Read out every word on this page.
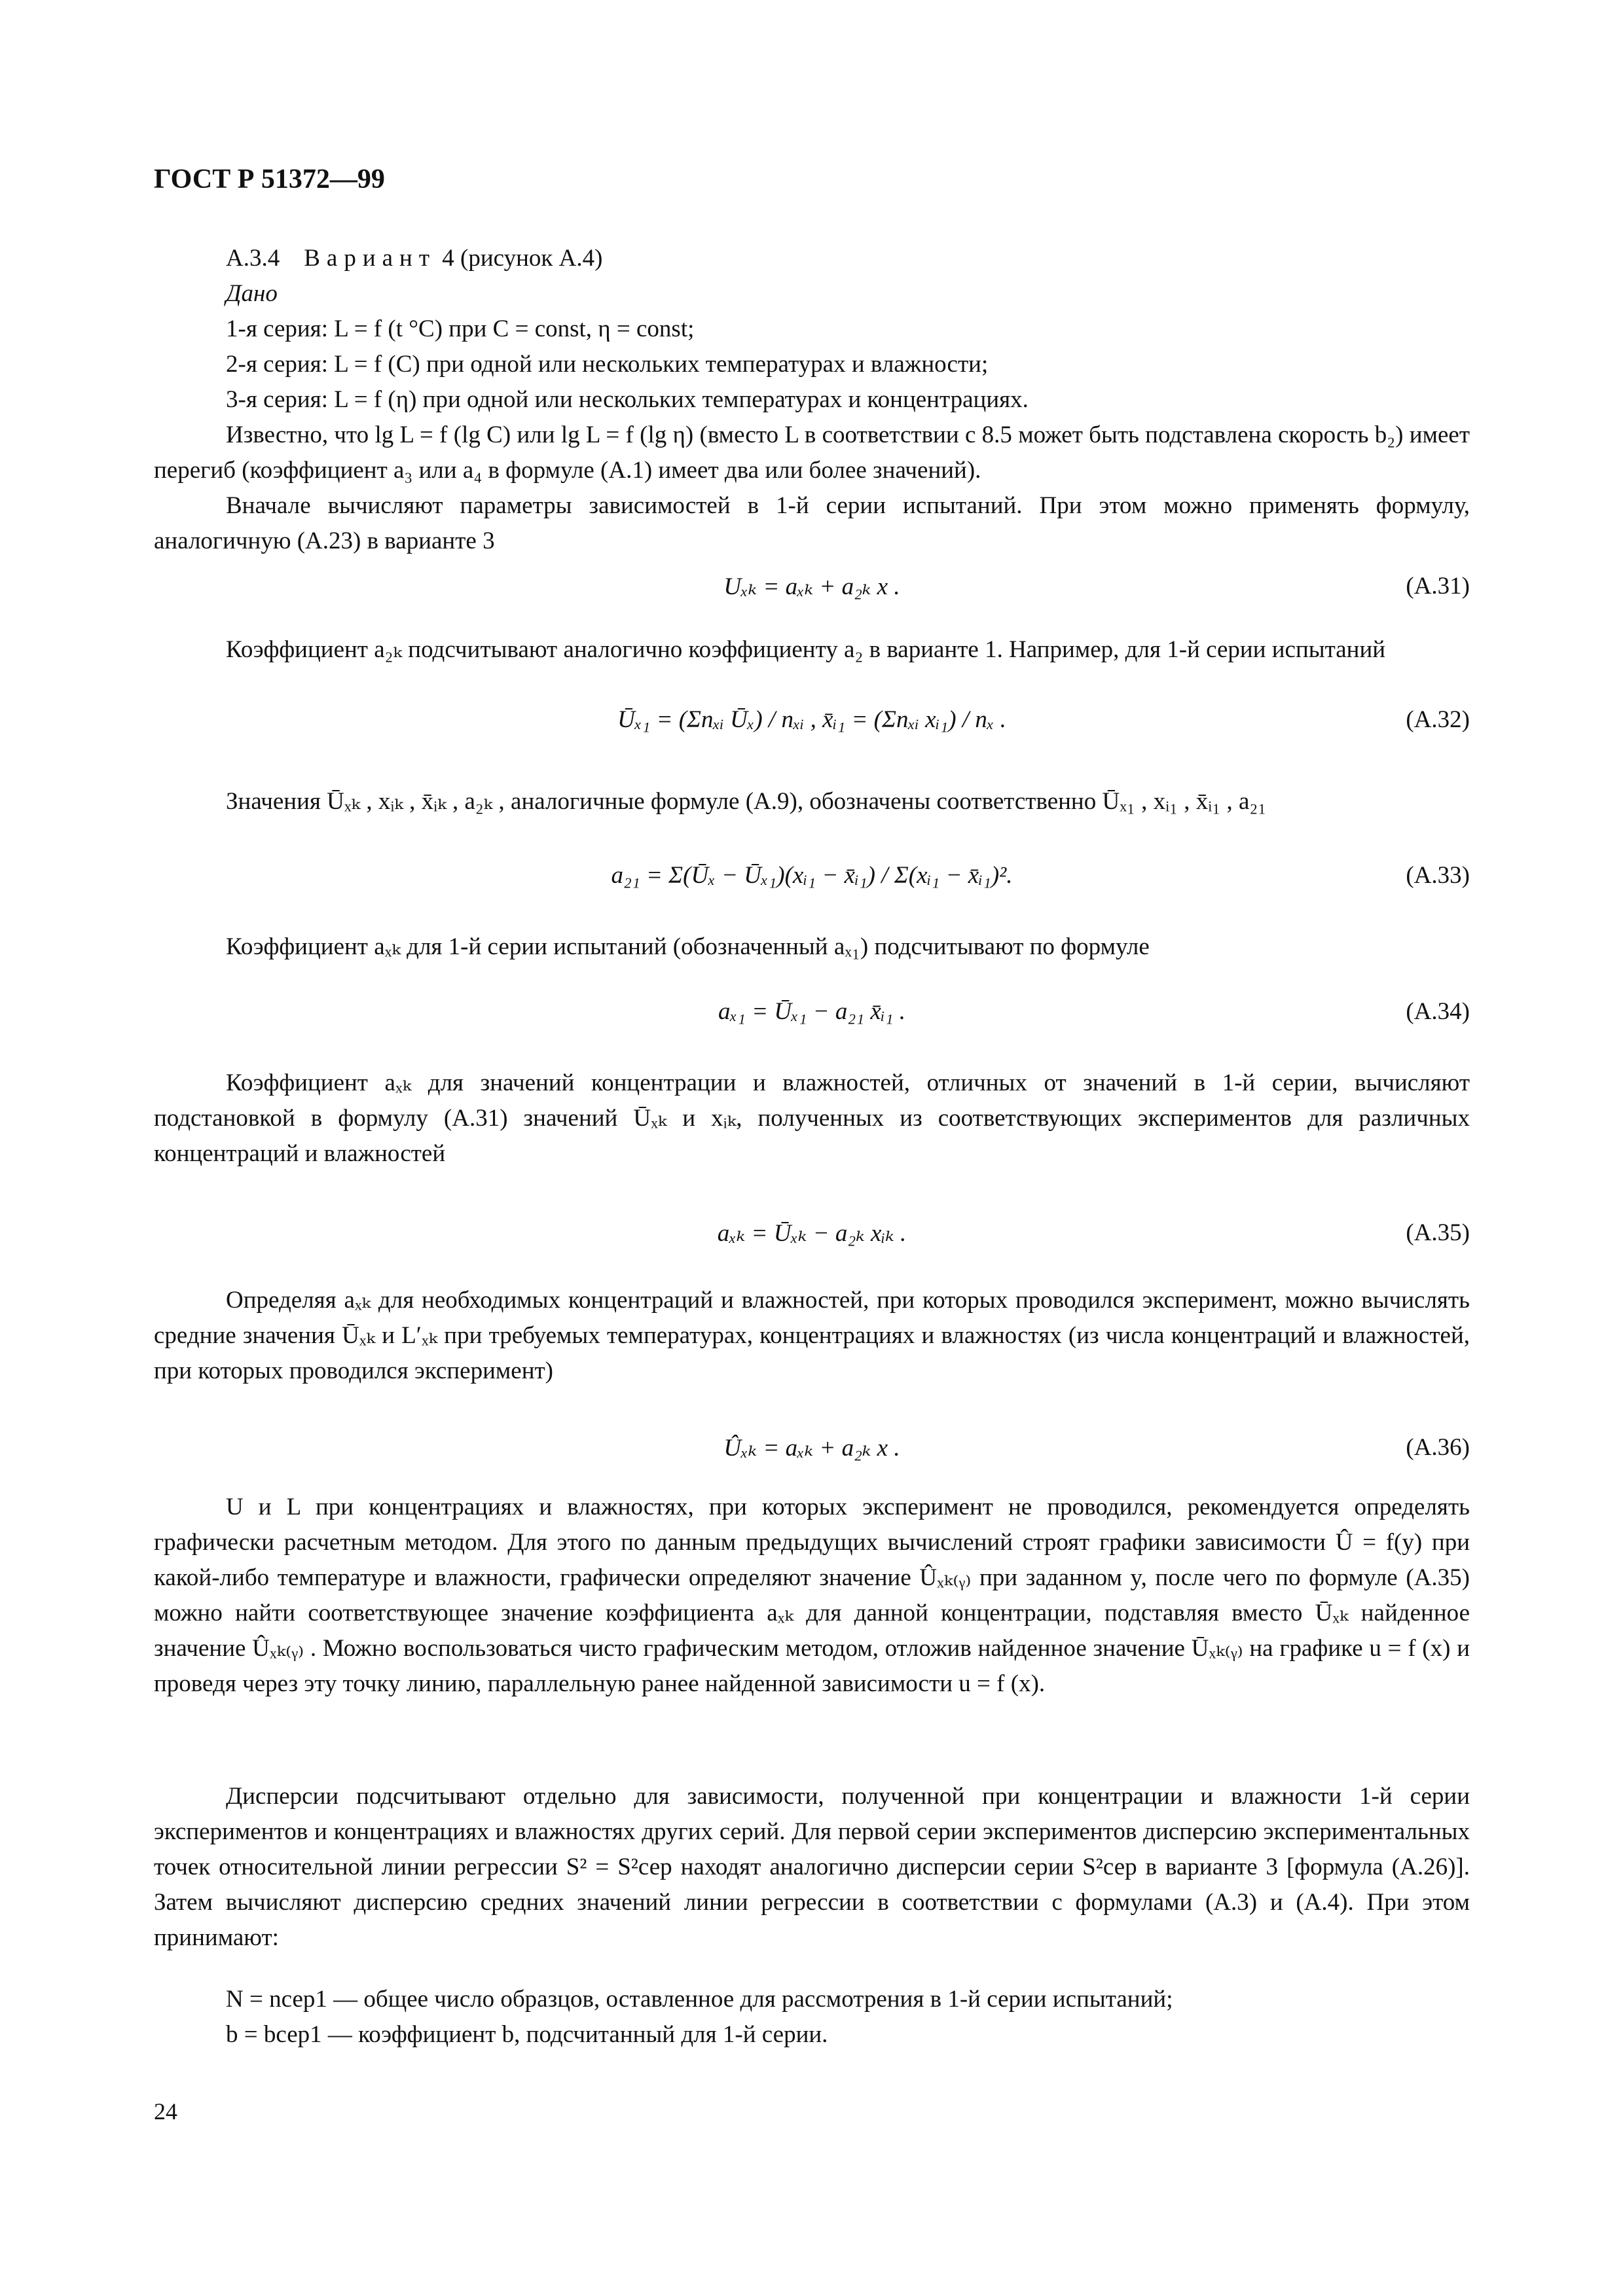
ГОСТ Р 51372—99
А.3.4 Вариант 4 (рисунок А.4)
Дано
1-я серия: L = f (t °C) при C = const, η = const;
2-я серия: L = f (C) при одной или нескольких температурах и влажности;
3-я серия: L = f (η) при одной или нескольких температурах и концентрациях.

Известно, что lg L = f (lg C) или lg L = f (lg η) (вместо L в соответствии с 8.5 может быть подставлена скорость b₂) имеет перегиб (коэффициент a₃ или a₄ в формуле (А.1) имеет два или более значений).

Вначале вычисляют параметры зависимостей в 1-й серии испытаний. При этом можно применять формулу, аналогичную (А.23) в варианте 3

Uₓₖ = aₓₖ + a₂ₖ x .	(А.31)

Коэффициент a₂ₖ подсчитывают аналогично коэффициенту a₂ в варианте 1. Например, для 1-й серии испытаний

Ūₓ₁ = (Σnₓᵢ Ūₓ) / nₓᵢ , x̄ᵢ₁ = (Σnₓᵢ xᵢ₁) / nₓ .	(А.32)

Значения Ūₓₖ , xᵢₖ , x̄ᵢₖ , a₂ₖ , аналогичные формуле (А.9), обозначены соответственно Ūₓ₁ , xᵢ₁ , x̄ᵢ₁ , a₂₁

a₂₁ = Σ(Ūₓ − Ūₓ₁)(xᵢ₁ − x̄ᵢ₁) / Σ(xᵢ₁ − x̄ᵢ₁)².	(А.33)

Коэффициент aₓₖ для 1-й серии испытаний (обозначенный aₓ₁) подсчитывают по формуле

aₓ₁ = Ūₓ₁ − a₂₁ x̄ᵢ₁ .	(А.34)

Коэффициент aₓₖ для значений концентрации и влажностей, отличных от значений в 1-й серии, вычисляют подстановкой в формулу (А.31) значений Ūₓₖ и xᵢₖ, полученных из соответствующих экспериментов для различных концентраций и влажностей

aₓₖ = Ūₓₖ − a₂ₖ xᵢₖ .	(А.35)

Определяя aₓₖ для необходимых концентраций и влажностей, при которых проводился эксперимент, можно вычислять средние значения Ūₓₖ и L′ₓₖ при требуемых температурах, концентрациях и влажностях (из числа концентраций и влажностей, при которых проводился эксперимент)

Ûₓₖ = aₓₖ + a₂ₖ x .	(А.36)

U и L при концентрациях и влажностях, при которых эксперимент не проводился, рекомендуется определять графически расчетным методом. Для этого по данным предыдущих вычислений строят графики зависимости Û = f(y) при какой-либо температуре и влажности, графически определяют значение Ûₓₖ₍ᵧ₎ при заданном y, после чего по формуле (А.35) можно найти соответствующее значение коэффициента aₓₖ для данной концентрации, подставляя вместо Ūₓₖ найденное значение Ûₓₖ₍ᵧ₎ . Можно воспользоваться чисто графическим методом, отложив найденное значение Ūₓₖ₍ᵧ₎ на графике u = f (x) и проведя через эту точку линию, параллельную ранее найденной зависимости u = f (x).

Дисперсии подсчитывают отдельно для зависимости, полученной при концентрации и влажности 1-й серии экспериментов и концентрациях и влажностях других серий. Для первой серии экспериментов дисперсию экспериментальных точек относительной линии регрессии S² = S²сер находят аналогично дисперсии серии S²сер в варианте 3 [формула (А.26)]. Затем вычисляют дисперсию средних значений линии регрессии в соответствии с формулами (А.3) и (А.4). При этом принимают:

N = nсер1 — общее число образцов, оставленное для рассмотрения в 1-й серии испытаний;
b = bсер1 — коэффициент b, подсчитанный для 1-й серии.
24
